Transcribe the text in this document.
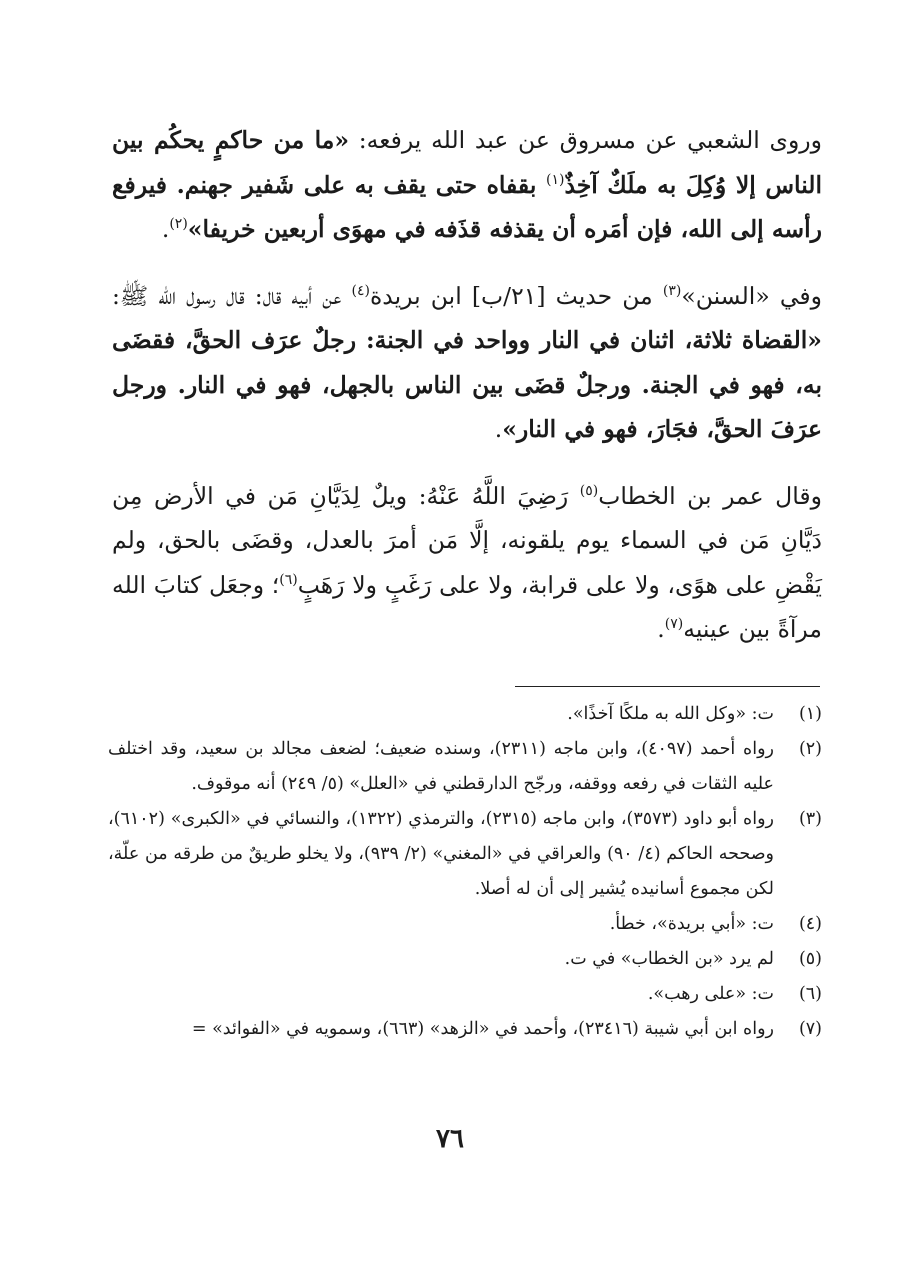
وروى الشعبي عن مسروق عن عبد الله يرفعه: «ما من حاكمٍ يحكُم بين الناس إلا وُكِلَ به ملَكٌ آخِذٌ$^{(١)}$ بقفاه حتى يقف به على شَفير جهنم. فيرفع رأسه إلى الله، فإن أمَره أن يقذفه قذَفه في مهوَى أربعين خريفا»$^{(٢)}$.

وفي «السنن»$^{(٣)}$ من حديث [٢١/ب] ابن بريدة$^{(٤)}$ عن أبيه قال: قال رسول الله ﷺ: «القضاة ثلاثة، اثنان في النار وواحد في الجنة: رجلٌ عرَف الحقَّ، فقضَى به، فهو في الجنة. ورجلٌ قضَى بين الناس بالجهل، فهو في النار. ورجل عرَفَ الحقَّ، فجَارَ، فهو في النار».

وقال عمر بن الخطاب$^{(٥)}$ رَضِيَ اللَّهُ عَنْهُ: ويلٌ لِدَيَّانِ مَن في الأرض مِن دَيَّانِ مَن في السماء يوم يلقونه، إلَّا مَن أمرَ بالعدل، وقضَى بالحق، ولم يَقْضِ على هوًى، ولا على قرابة، ولا على رَغَبٍ ولا رَهَبٍ$^{(٦)}$؛ وجعَل كتابَ الله مرآةً بين عينيه$^{(٧)}$.

(١)
ت: «وكل الله به ملكًا آخذًا».
(٢)
رواه أحمد (٤٠٩٧)، وابن ماجه (٢٣١١)، وسنده ضعيف؛ لضعف مجالد بن سعيد، وقد اختلف عليه الثقات في رفعه ووقفه، ورجّح الدارقطني في «العلل» (٥/ ٢٤٩) أنه موقوف.
(٣)
رواه أبو داود (٣٥٧٣)، وابن ماجه (٢٣١٥)، والترمذي (١٣٢٢)، والنسائي في «الكبرى» (٦١٠٢)، وصححه الحاكم (٤/ ٩٠) والعراقي في «المغني» (٢/ ٩٣٩)، ولا يخلو طريقٌ من طرقه من علّة، لكن مجموع أسانيده يُشير إلى أن له أصلا.
(٤)
ت: «أبي بريدة»، خطأ.
(٥)
لم يرد «بن الخطاب» في ت.
(٦)
ت: «على رهب».
(٧)
رواه ابن أبي شيبة (٢٣٤١٦)، وأحمد في «الزهد» (٦٦٣)، وسمويه في «الفوائد» =
٧٦
